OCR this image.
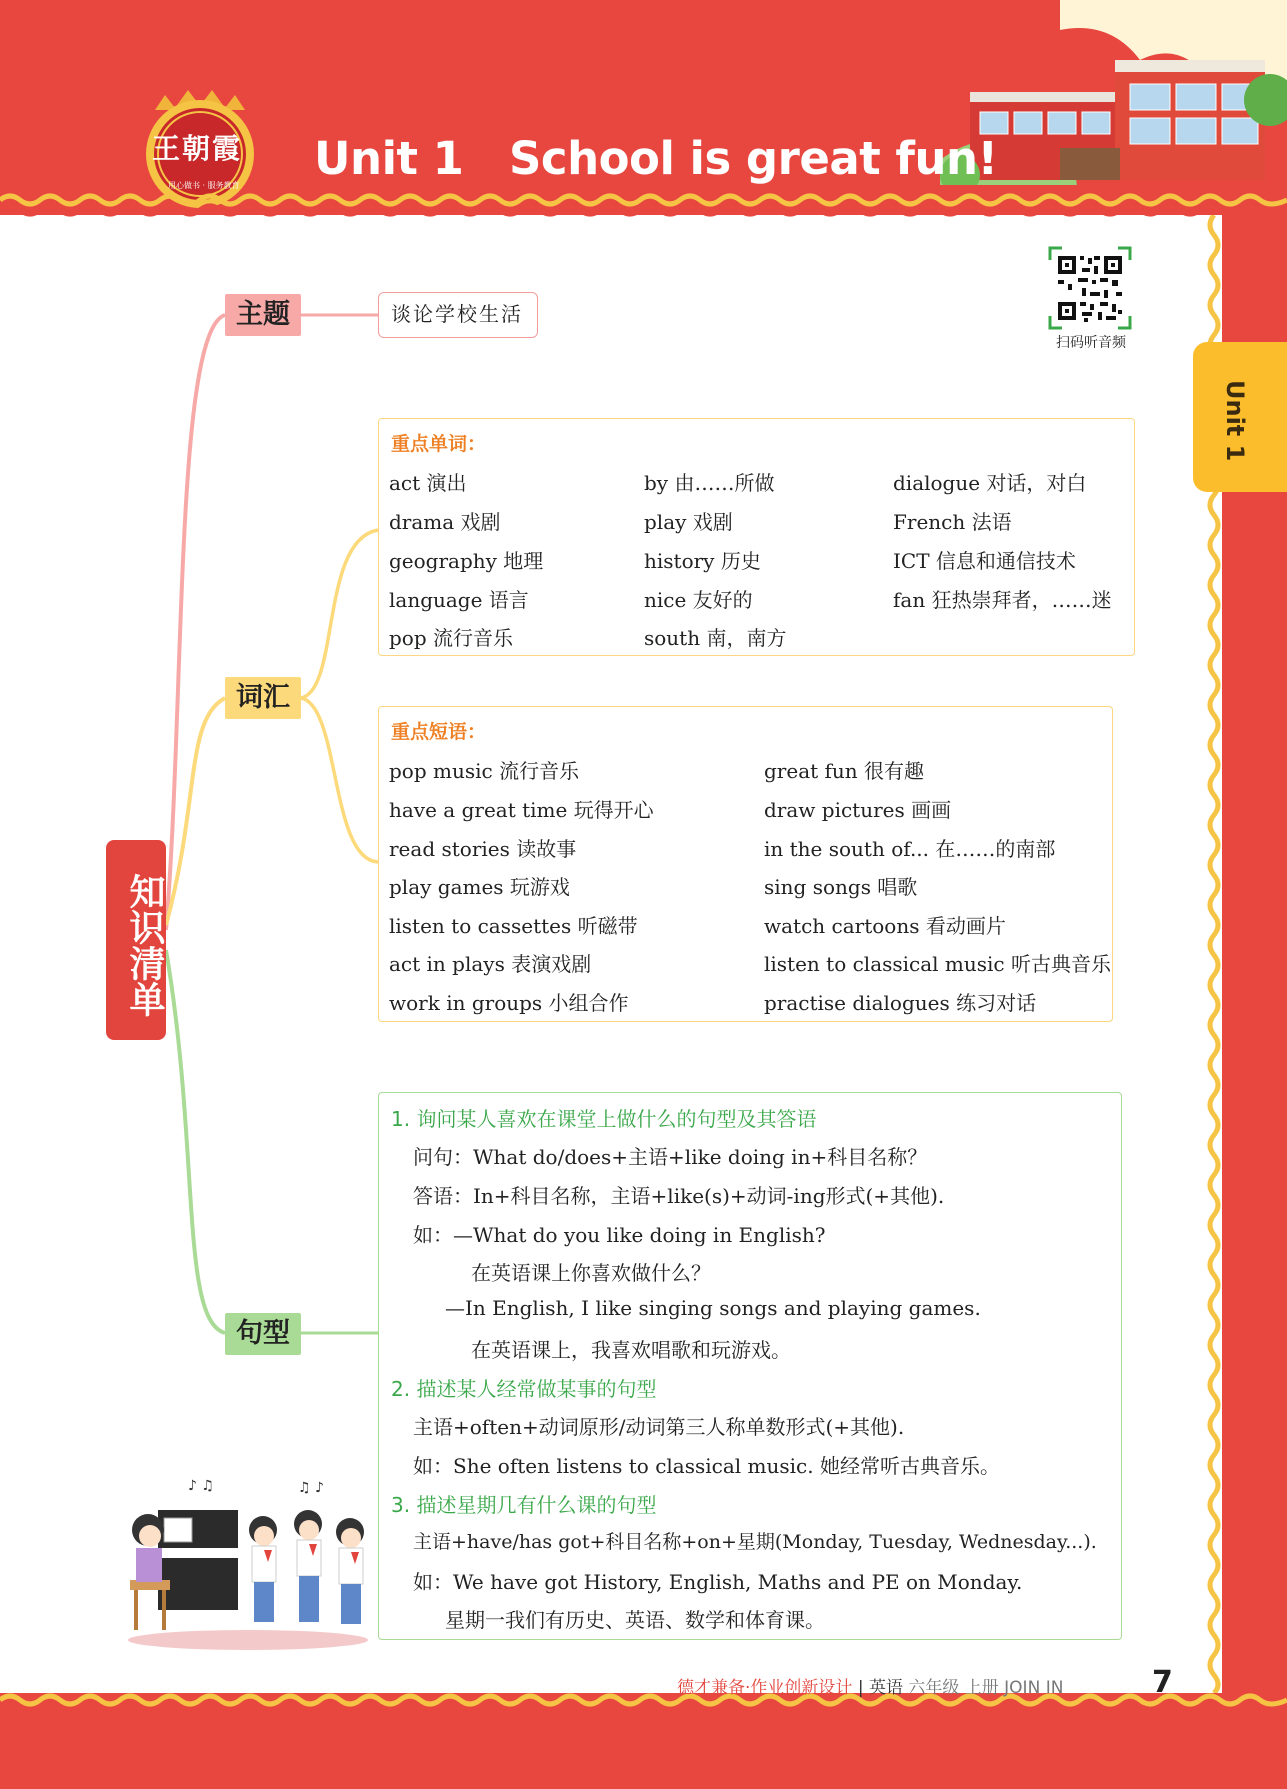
王朝霞
用心做书 · 服务教育
Unit 1   School is great fun!
Unit 1
扫码听音频
知识清单
主题
词汇
句型
谈论学校生活
重点单词：
act 演出	by 由……所做	dialogue 对话，对白
drama 戏剧	play 戏剧	French 法语
geography 地理	history 历史	ICT 信息和通信技术
language 语言	nice 友好的	fan 狂热崇拜者，……迷
pop 流行音乐	south 南，南方
重点短语：
pop music 流行音乐	great fun 很有趣
have a great time 玩得开心	draw pictures 画画
read stories 读故事	in the south of... 在……的南部
play games 玩游戏	sing songs 唱歌
listen to cassettes 听磁带	watch cartoons 看动画片
act in plays 表演戏剧	listen to classical music 听古典音乐
work in groups 小组合作	practise dialogues 练习对话
1. 询问某人喜欢在课堂上做什么的句型及其答语
问句：What do/does+主语+like doing in+科目名称？
答语：In+科目名称，主语+like(s)+动词-ing形式(+其他).
如：—What do you like doing in English?
在英语课上你喜欢做什么？
—In English, I like singing songs and playing games.
在英语课上，我喜欢唱歌和玩游戏。
2. 描述某人经常做某事的句型
主语+often+动词原形/动词第三人称单数形式(+其他).
如：She often listens to classical music. 她经常听古典音乐。
3. 描述星期几有什么课的句型
主语+have/has got+科目名称+on+星期(Monday, Tuesday, Wednesday...).
如：We have got History, English, Maths and PE on Monday.
星期一我们有历史、英语、数学和体育课。
♪ ♫	♫ ♪
德才兼备·作业创新设计 | 英语 六年级 上册 JOIN IN	7
